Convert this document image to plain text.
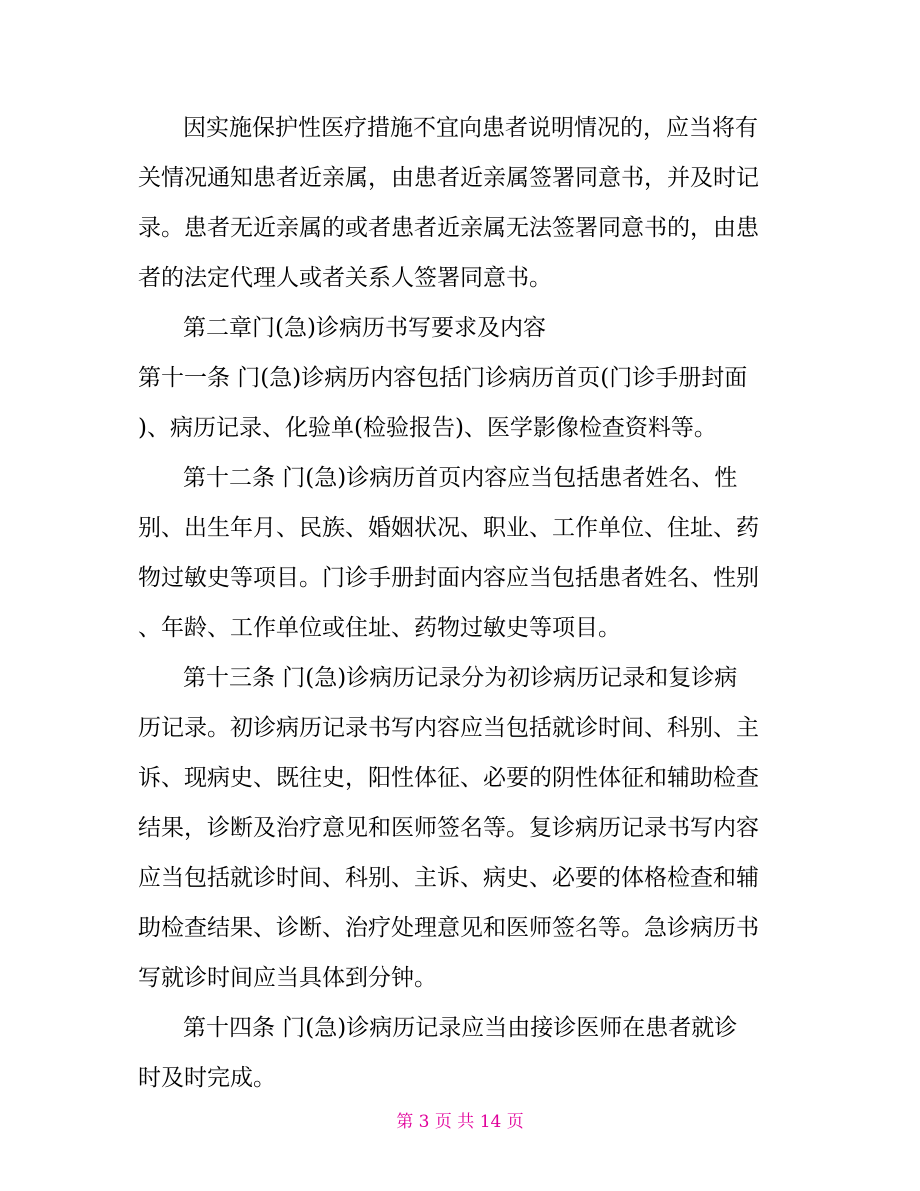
因实施保护性医疗措施不宜向患者说明情况的，应当将有
关情况通知患者近亲属，由患者近亲属签署同意书，并及时记
录。患者无近亲属的或者患者近亲属无法签署同意书的，由患
者的法定代理人或者关系人签署同意书。
第二章门(急)诊病历书写要求及内容
第十一条 门(急)诊病历内容包括门诊病历首页(门诊手册封面
)、病历记录、化验单(检验报告)、医学影像检查资料等。
第十二条 门(急)诊病历首页内容应当包括患者姓名、性
别、出生年月、民族、婚姻状况、职业、工作单位、住址、药
物过敏史等项目。门诊手册封面内容应当包括患者姓名、性别
、年龄、工作单位或住址、药物过敏史等项目。
第十三条 门(急)诊病历记录分为初诊病历记录和复诊病
历记录。初诊病历记录书写内容应当包括就诊时间、科别、主
诉、现病史、既往史，阳性体征、必要的阴性体征和辅助检查
结果，诊断及治疗意见和医师签名等。复诊病历记录书写内容
应当包括就诊时间、科别、主诉、病史、必要的体格检查和辅
助检查结果、诊断、治疗处理意见和医师签名等。急诊病历书
写就诊时间应当具体到分钟。
第十四条 门(急)诊病历记录应当由接诊医师在患者就诊
时及时完成。
第 3 页 共 14 页
